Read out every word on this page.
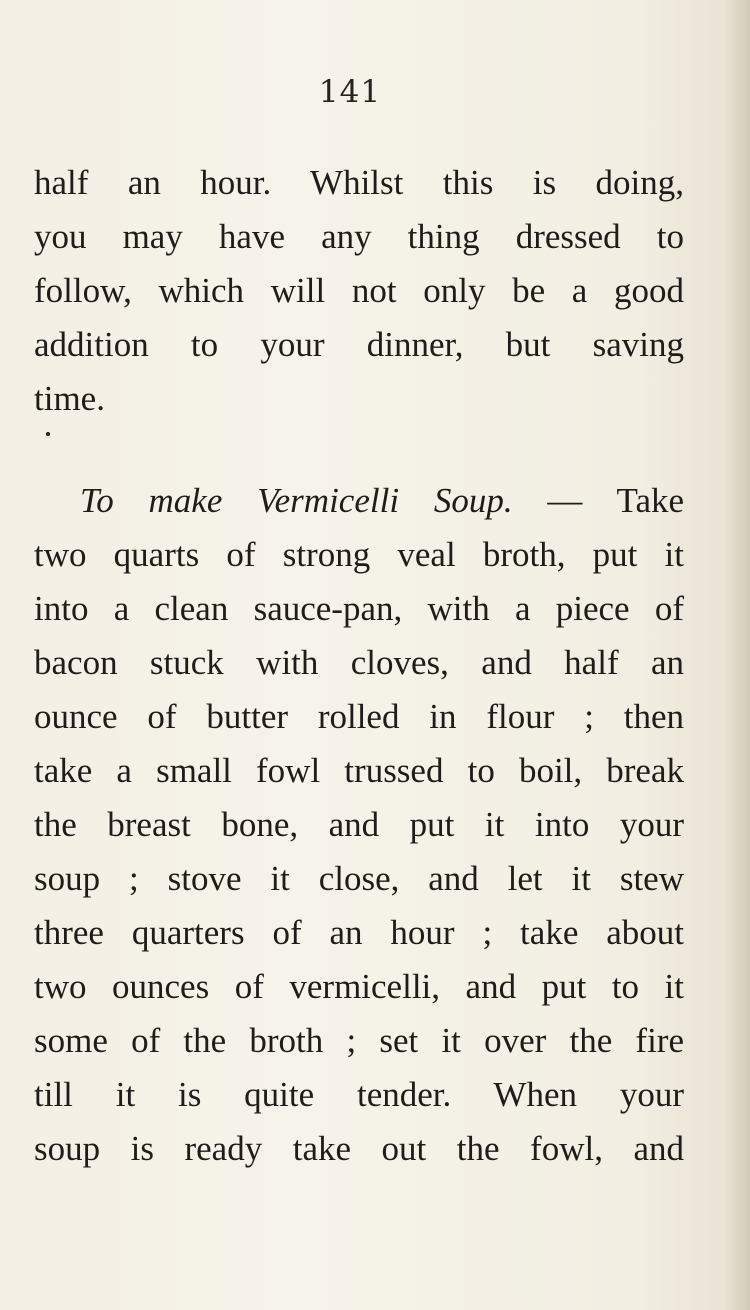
141
half an hour. Whilst this is doing,
you may have any thing dressed to
follow, which will not only be a good
addition to your dinner, but saving
time.
To make Vermicelli Soup. — Take
two quarts of strong veal broth, put it
into a clean sauce-pan, with a piece of
bacon stuck with cloves, and half an
ounce of butter rolled in flour ; then
take a small fowl trussed to boil, break
the breast bone, and put it into your
soup ; stove it close, and let it stew
three quarters of an hour ; take about
two ounces of vermicelli, and put to it
some of the broth ; set it over the fire
till it is quite tender. When your
soup is ready take out the fowl, and
